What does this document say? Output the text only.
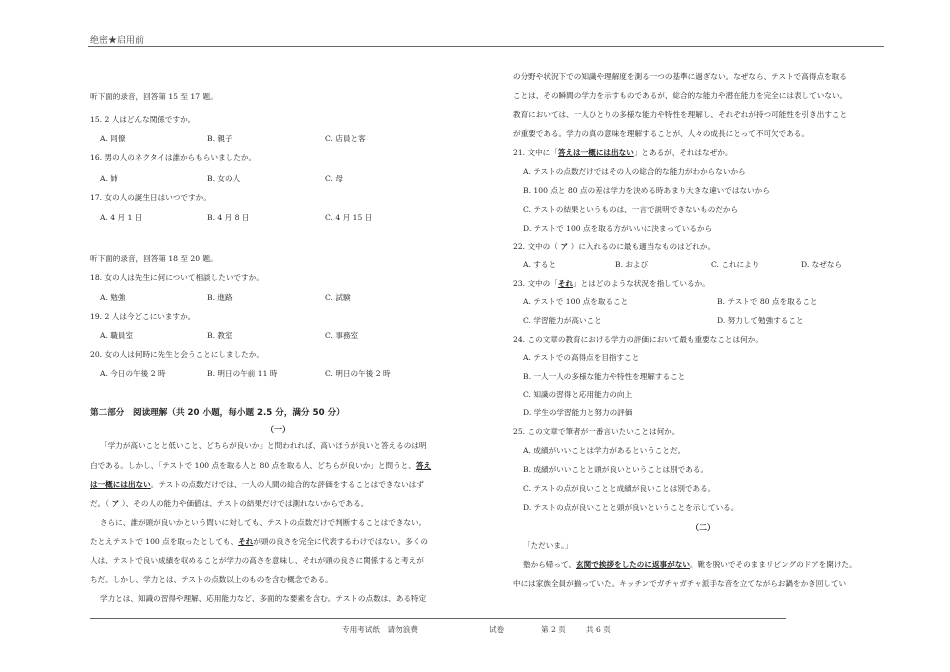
绝密★启用前
听下面的录音，回答第 15 至 17 题。
15. 2 人はどんな関係ですか。
A. 同僚	B. 親子	C. 店員と客
16. 男の人のネクタイは誰からもらいましたか。
A. 姉	B. 女の人	C. 母
17. 女の人の誕生日はいつですか。
A. 4 月 1 日	B. 4 月 8 日	C. 4 月 15 日
听下面的录音，回答第 18 至 20 题。
18. 女の人は先生に何について相談したいですか。
A. 勉強	B. 進路	C. 試験
19. 2 人は今どこにいますか。
A. 職員室	B. 教室	C. 事務室
20. 女の人は何時に先生と会うことにしましたか。
A. 今日の午後 2 時	B. 明日の午前 11 時	C. 明日の午後 2 時
第二部分　阅读理解（共 20 小题，每小题 2.5 分，满分 50 分）
（一）
「学力が高いことと低いこと、どちらが良いか」と問われれば、高いほうが良いと答えるのは明
白である。しかし、「テストで 100 点を取る人と 80 点を取る人、どちらが良いか」と問うと、答え
は一概には出ない。テストの点数だけでは、一人の人間の総合的な評価をすることはできないはず
だ。（ ア ）、その人の能力や価値は、テストの結果だけでは測れないからである。
さらに、誰が頭が良いかという問いに対しても、テストの点数だけで判断することはできない。
たとえテストで 100 点を取ったとしても、それが頭の良さを完全に代表するわけではない。多くの
人は、テストで良い成績を収めることが学力の高さを意味し、それが頭の良さに関係すると考えが
ちだ。しかし、学力とは、テストの点数以上のものを含む概念である。
学力とは、知識の習得や理解、応用能力など、多面的な要素を含む。テストの点数は、ある特定
の分野や状況下での知識や理解度を測る一つの基準に過ぎない。なぜなら、テストで高得点を取る
ことは、その瞬間の学力を示すものであるが、総合的な能力や潜在能力を完全には表していない。
教育においては、一人ひとりの多様な能力や特性を理解し、それぞれが持つ可能性を引き出すこと
が重要である。学力の真の意味を理解することが、人々の成長にとって不可欠である。
21. 文中に「答えは一概には出ない」とあるが、それはなぜか。
A. テストの点数だけではその人の総合的な能力がわからないから
B. 100 点と 80 点の差は学力を決める時あまり大きな違いではないから
C. テストの結果というものは、一言で説明できないものだから
D. テストで 100 点を取る方がいいに決まっているから
22. 文中の（ ア ）に入れるのに最も適当なものはどれか。
A. すると	B. および	C. これにより	D. なぜなら
23. 文中の「それ」とはどのような状況を指しているか。
A. テストで 100 点を取ること	B. テストで 80 点を取ること
C. 学習能力が高いこと	D. 努力して勉強すること
24. この文章の教育における学力の評価において最も重要なことは何か。
A. テストでの高得点を目指すこと
B. 一人一人の多様な能力や特性を理解すること
C. 知識の習得と応用能力の向上
D. 学生の学習能力と努力の評価
25. この文章で筆者が一番言いたいことは何か。
A. 成績がいいことは学力があるということだ。
B. 成績がいいことと頭が良いということは別である。
C. テストの点が良いことと成績が良いことは別である。
D. テストの点が良いことと頭が良いということを示している。
（二）
「ただいま。」
塾から帰って、玄関で挨拶をしたのに返事がない。靴を脱いでそのままリビングのドアを開けた。
中には家族全員が揃っていた。キッチンでガチャガチャ派手な音を立てながらお鍋をかき回してい
专用考试纸　请勿浪费	试卷	第 2 页	共 6 页
